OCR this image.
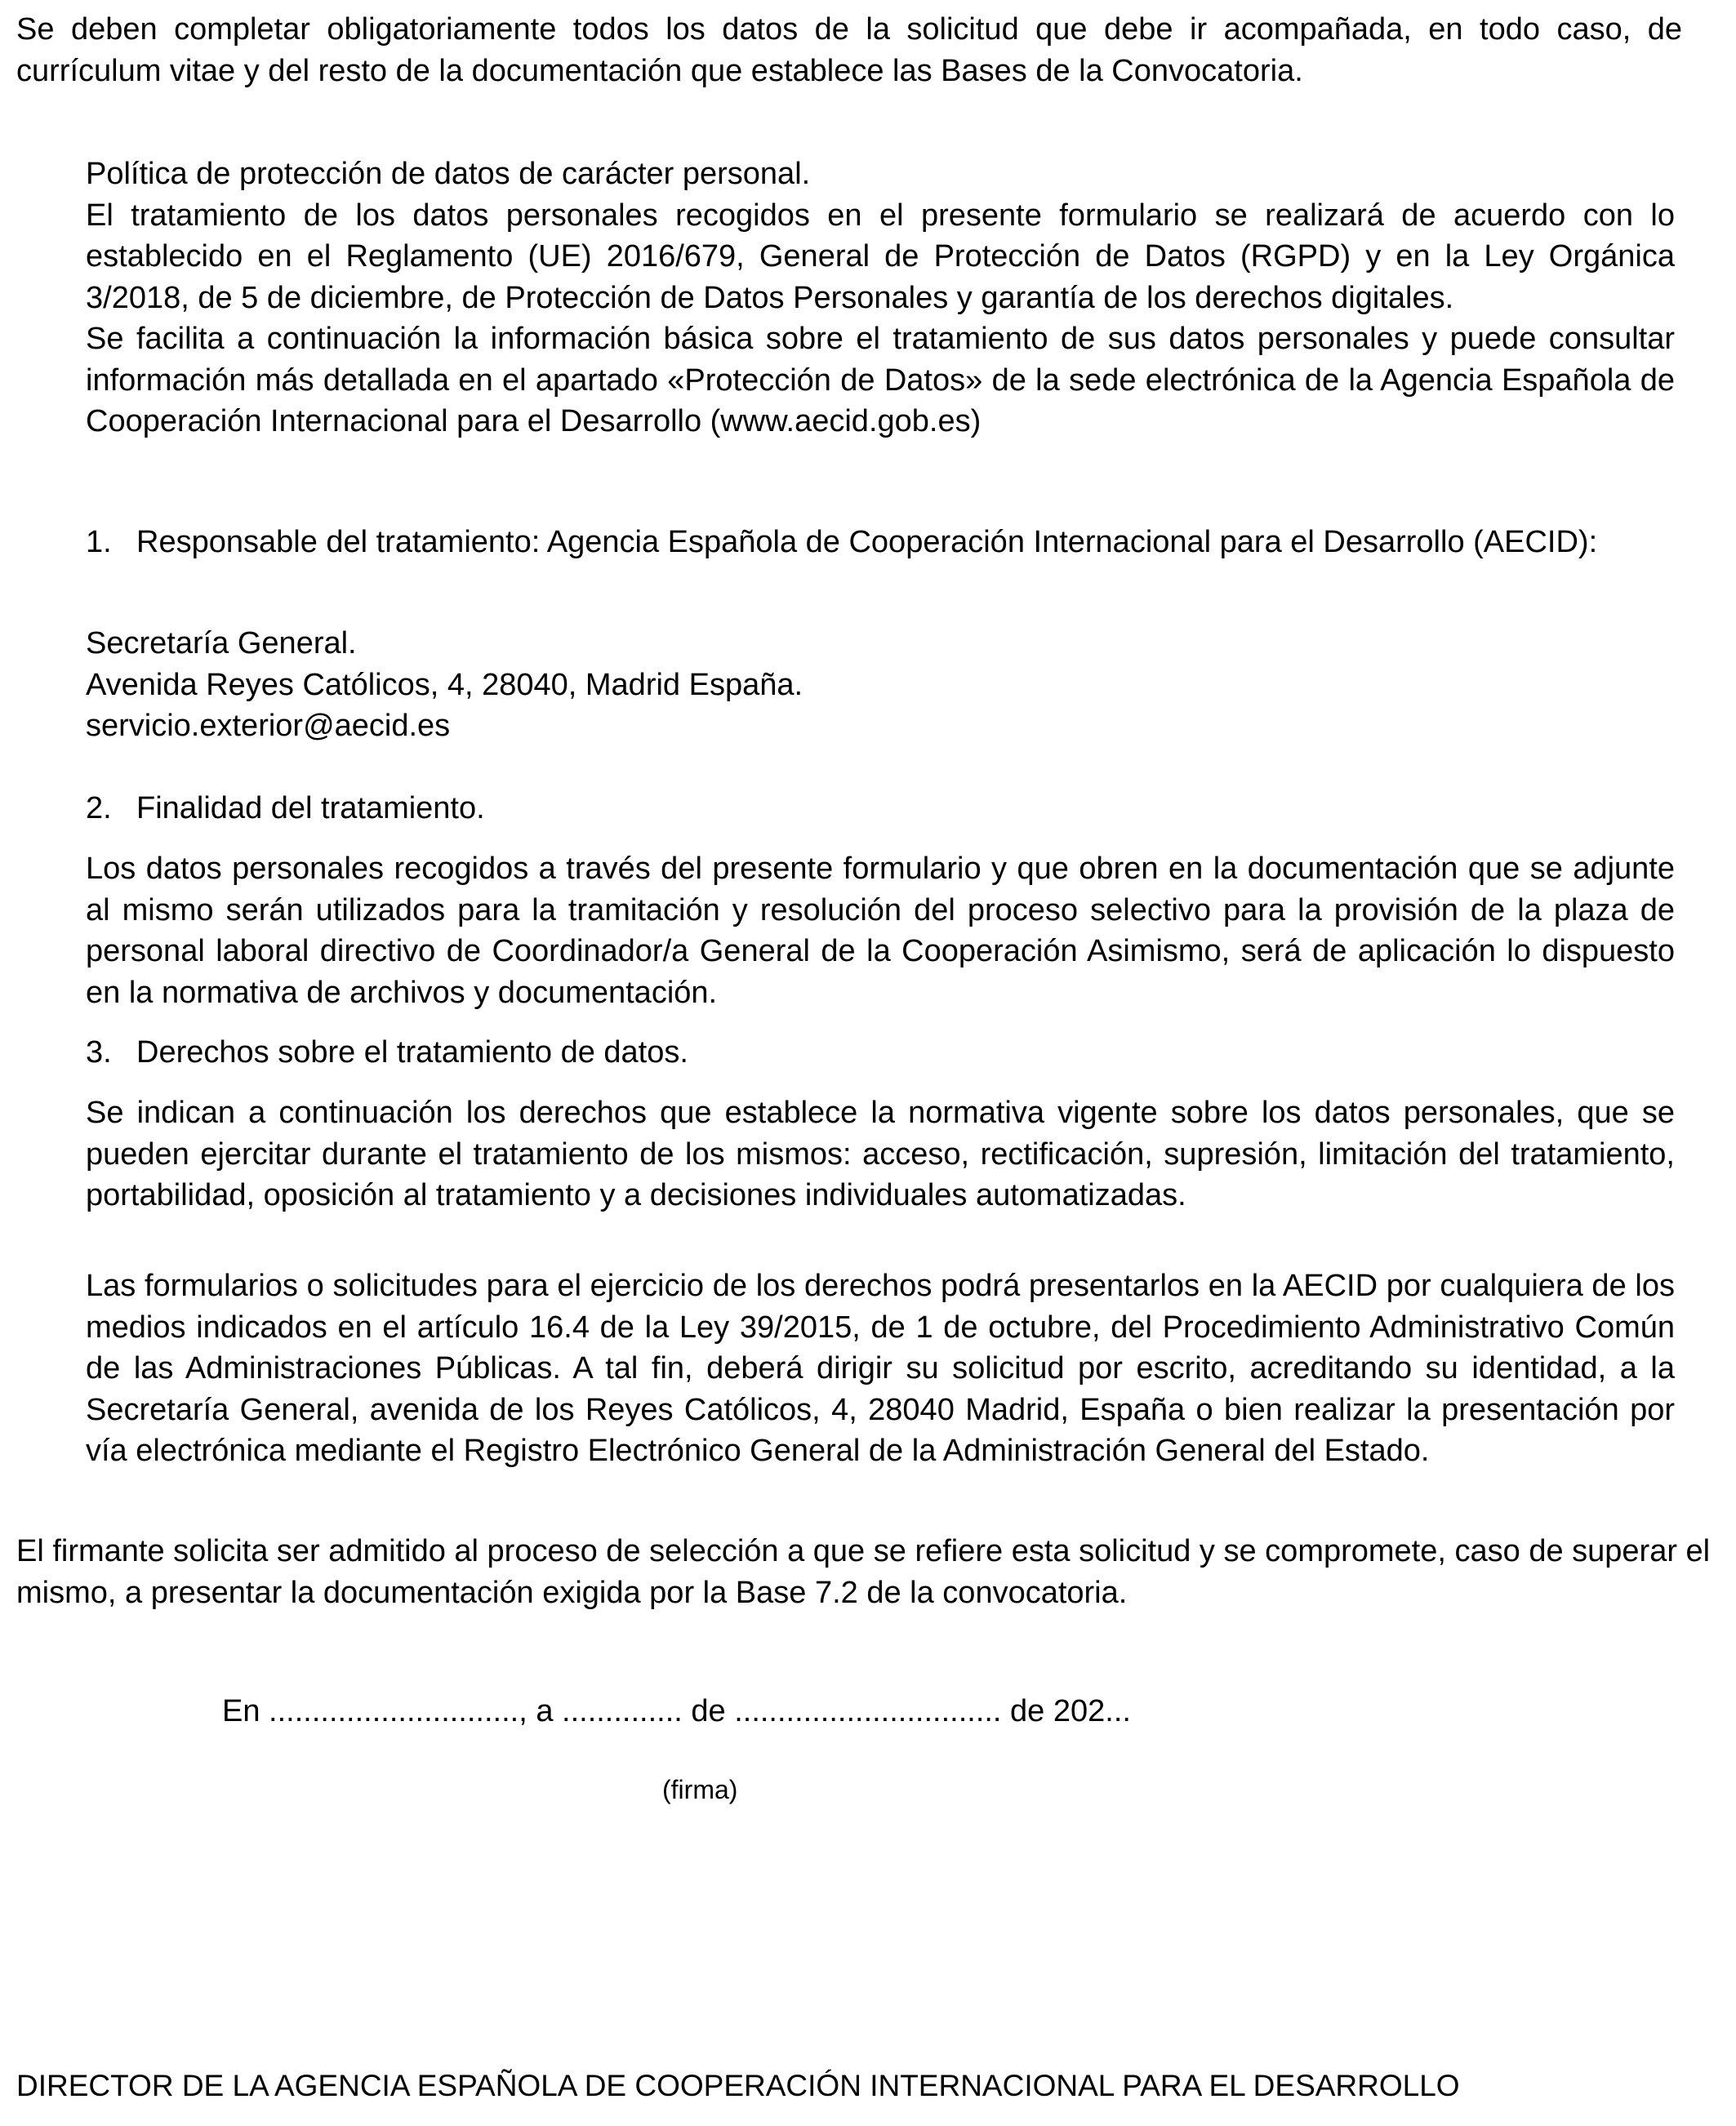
Se deben completar obligatoriamente todos los datos de la solicitud que debe ir acompañada, en todo caso, de currículum vitae y del resto de la documentación que establece las Bases de la Convocatoria.

Política de protección de datos de carácter personal.
El tratamiento de los datos personales recogidos en el presente formulario se realizará de acuerdo con lo establecido en el Reglamento (UE) 2016/679, General de Protección de Datos (RGPD) y en la Ley Orgánica 3/2018, de 5 de diciembre, de Protección de Datos Personales y garantía de los derechos digitales.
Se facilita a continuación la información básica sobre el tratamiento de sus datos personales y puede consultar información más detallada en el apartado «Protección de Datos» de la sede electrónica de la Agencia Española de Cooperación Internacional para el Desarrollo (www.aecid.gob.es)
1. Responsable del tratamiento: Agencia Española de Cooperación Internacional para el Desarrollo (AECID):
Secretaría General.
Avenida Reyes Católicos, 4, 28040, Madrid España.
servicio.exterior@aecid.es
2. Finalidad del tratamiento.
Los datos personales recogidos a través del presente formulario y que obren en la documentación que se adjunte al mismo serán utilizados para la tramitación y resolución del proceso selectivo para la provisión de la plaza de personal laboral directivo de Coordinador/a General de la Cooperación Asimismo, será de aplicación lo dispuesto en la normativa de archivos y documentación.
3. Derechos sobre el tratamiento de datos.
Se indican a continuación los derechos que establece la normativa vigente sobre los datos personales, que se pueden ejercitar durante el tratamiento de los mismos: acceso, rectificación, supresión, limitación del tratamiento, portabilidad, oposición al tratamiento y a decisiones individuales automatizadas.
Las formularios o solicitudes para el ejercicio de los derechos podrá presentarlos en la AECID por cualquiera de los medios indicados en el artículo 16.4 de la Ley 39/2015, de 1 de octubre, del Procedimiento Administrativo Común de las Administraciones Públicas. A tal fin, deberá dirigir su solicitud por escrito, acreditando su identidad, a la Secretaría General, avenida de los Reyes Católicos, 4, 28040 Madrid, España o bien realizar la presentación por vía electrónica mediante el Registro Electrónico General de la Administración General del Estado.
El firmante solicita ser admitido al proceso de selección a que se refiere esta solicitud y se compromete, caso de superar el mismo, a presentar la documentación exigida por la Base 7.2 de la convocatoria.
En ............................., a .............. de ............................... de 202...
(firma)
DIRECTOR DE LA AGENCIA ESPAÑOLA DE COOPERACIÓN INTERNACIONAL PARA EL DESARROLLO
